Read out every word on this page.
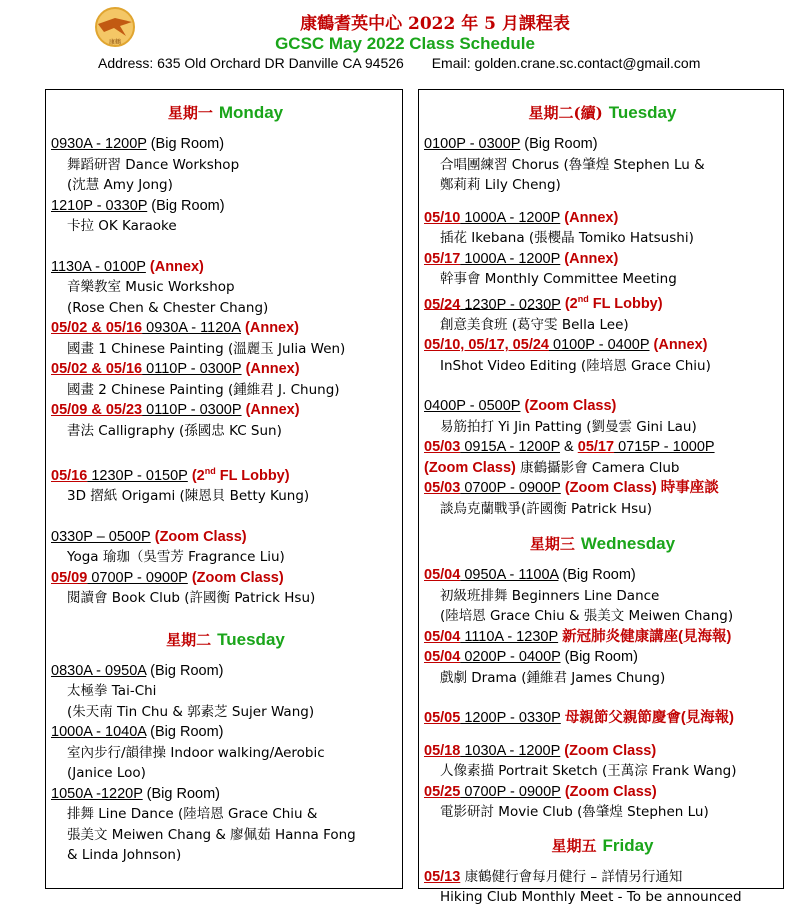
康鶴
康鶴耆英中心 2022 年 5 月課程表
GCSC May 2022 Class Schedule
Address: 635 Old Orchard DR Danville CA 94526 Email: golden.crane.sc.contact@gmail.com
星期一 Monday
0930A - 1200P (Big Room)
舞蹈研習 Dance Workshop
(沈慧 Amy Jong)
1210P - 0330P (Big Room)
卡拉 OK Karaoke
1130A - 0100P (Annex)
音樂教室 Music Workshop
(Rose Chen & Chester Chang)
05/02 & 05/16 0930A - 1120A (Annex)
國畫 1 Chinese Painting (溫麗玉 Julia Wen)
05/02 & 05/16 0110P - 0300P (Annex)
國畫 2 Chinese Painting (鍾維君 J. Chung)
05/09 & 05/23 0110P - 0300P (Annex)
書法 Calligraphy (孫國忠 KC Sun)
05/16 1230P - 0150P (2nd FL Lobby)
3D 摺紙 Origami (陳恩貝 Betty Kung)
0330P – 0500P (Zoom Class)
Yoga 瑜珈（吳雪芳 Fragrance Liu)
05/09 0700P - 0900P (Zoom Class)
閱讀會 Book Club (許國衡 Patrick Hsu)
星期二 Tuesday
0830A - 0950A (Big Room)
太極拳 Tai-Chi
(朱天南 Tin Chu & 郭素芝 Sujer Wang)
1000A - 1040A (Big Room)
室內步行/韻律操 Indoor walking/Aerobic
(Janice Loo)
1050A -1220P (Big Room)
排舞 Line Dance (陸培恩 Grace Chiu &
張美文 Meiwen Chang & 廖佩茹 Hanna Fong
& Linda Johnson)
星期二(續) Tuesday
0100P - 0300P (Big Room)
合唱團練習 Chorus (魯肇煌 Stephen Lu &
鄭莉莉 Lily Cheng)
05/10 1000A - 1200P (Annex)
插花 Ikebana (張櫻晶 Tomiko Hatsushi)
05/17 1000A - 1200P (Annex)
幹事會 Monthly Committee Meeting
05/24 1230P - 0230P (2nd FL Lobby)
創意美食班 (葛守雯 Bella Lee)
05/10, 05/17, 05/24 0100P - 0400P (Annex)
InShot Video Editing (陸培恩 Grace Chiu)
0400P - 0500P (Zoom Class)
易筋拍打 Yi Jin Patting (劉曼雲 Gini Lau)
05/03 0915A - 1200P & 05/17 0715P - 1000P
(Zoom Class) 康鶴攝影會 Camera Club
05/03 0700P - 0900P (Zoom Class) 時事座談
談烏克蘭戰爭(許國衡 Patrick Hsu)
星期三 Wednesday
05/04 0950A - 1100A (Big Room)
初級班排舞 Beginners Line Dance
(陸培恩 Grace Chiu & 張美文 Meiwen Chang)
05/04 1110A - 1230P 新冠肺炎健康講座(見海報)
05/04 0200P - 0400P (Big Room)
戲劇 Drama (鍾維君 James Chung)
05/05 1200P - 0330P 母親節父親節慶會(見海報)
05/18 1030A - 1200P (Zoom Class)
人像素描 Portrait Sketch (王萬淙 Frank Wang)
05/25 0700P - 0900P (Zoom Class)
電影研討 Movie Club (魯肇煌 Stephen Lu)
星期五 Friday
05/13 康鶴健行會每月健行 – 詳情另行通知
Hiking Club Monthly Meet - To be announced
